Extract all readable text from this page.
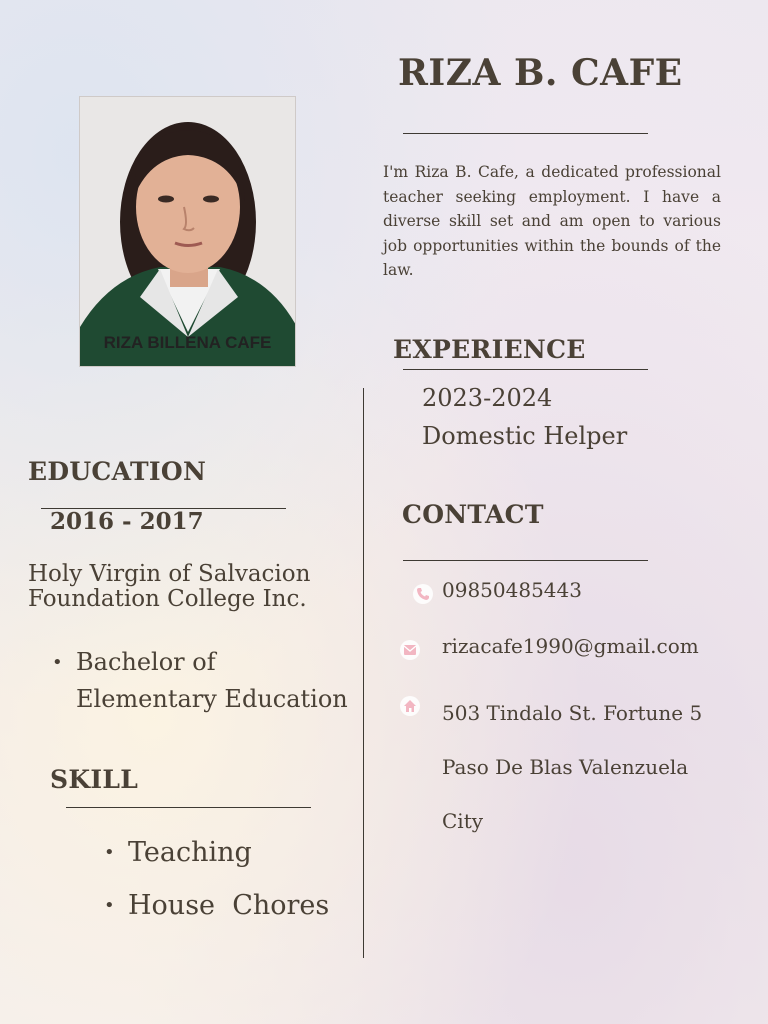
RIZA B. CAFE
RIZA BILLENA CAFE
I'm Riza B. Cafe, a dedicated professional teacher seeking employment. I have a diverse skill set and am open to various job opportunities within the bounds of the law.
EXPERIENCE
2023-2024
Domestic Helper
EDUCATION
2016 - 2017
Holy Virgin of Salvacion Foundation College Inc.
• Bachelor of
Elementary Education
SKILL
• Teaching
• House  Chores
CONTACT
09850485443
rizacafe1990@gmail.com
503 Tindalo St. Fortune 5
Paso De Blas Valenzuela
City
